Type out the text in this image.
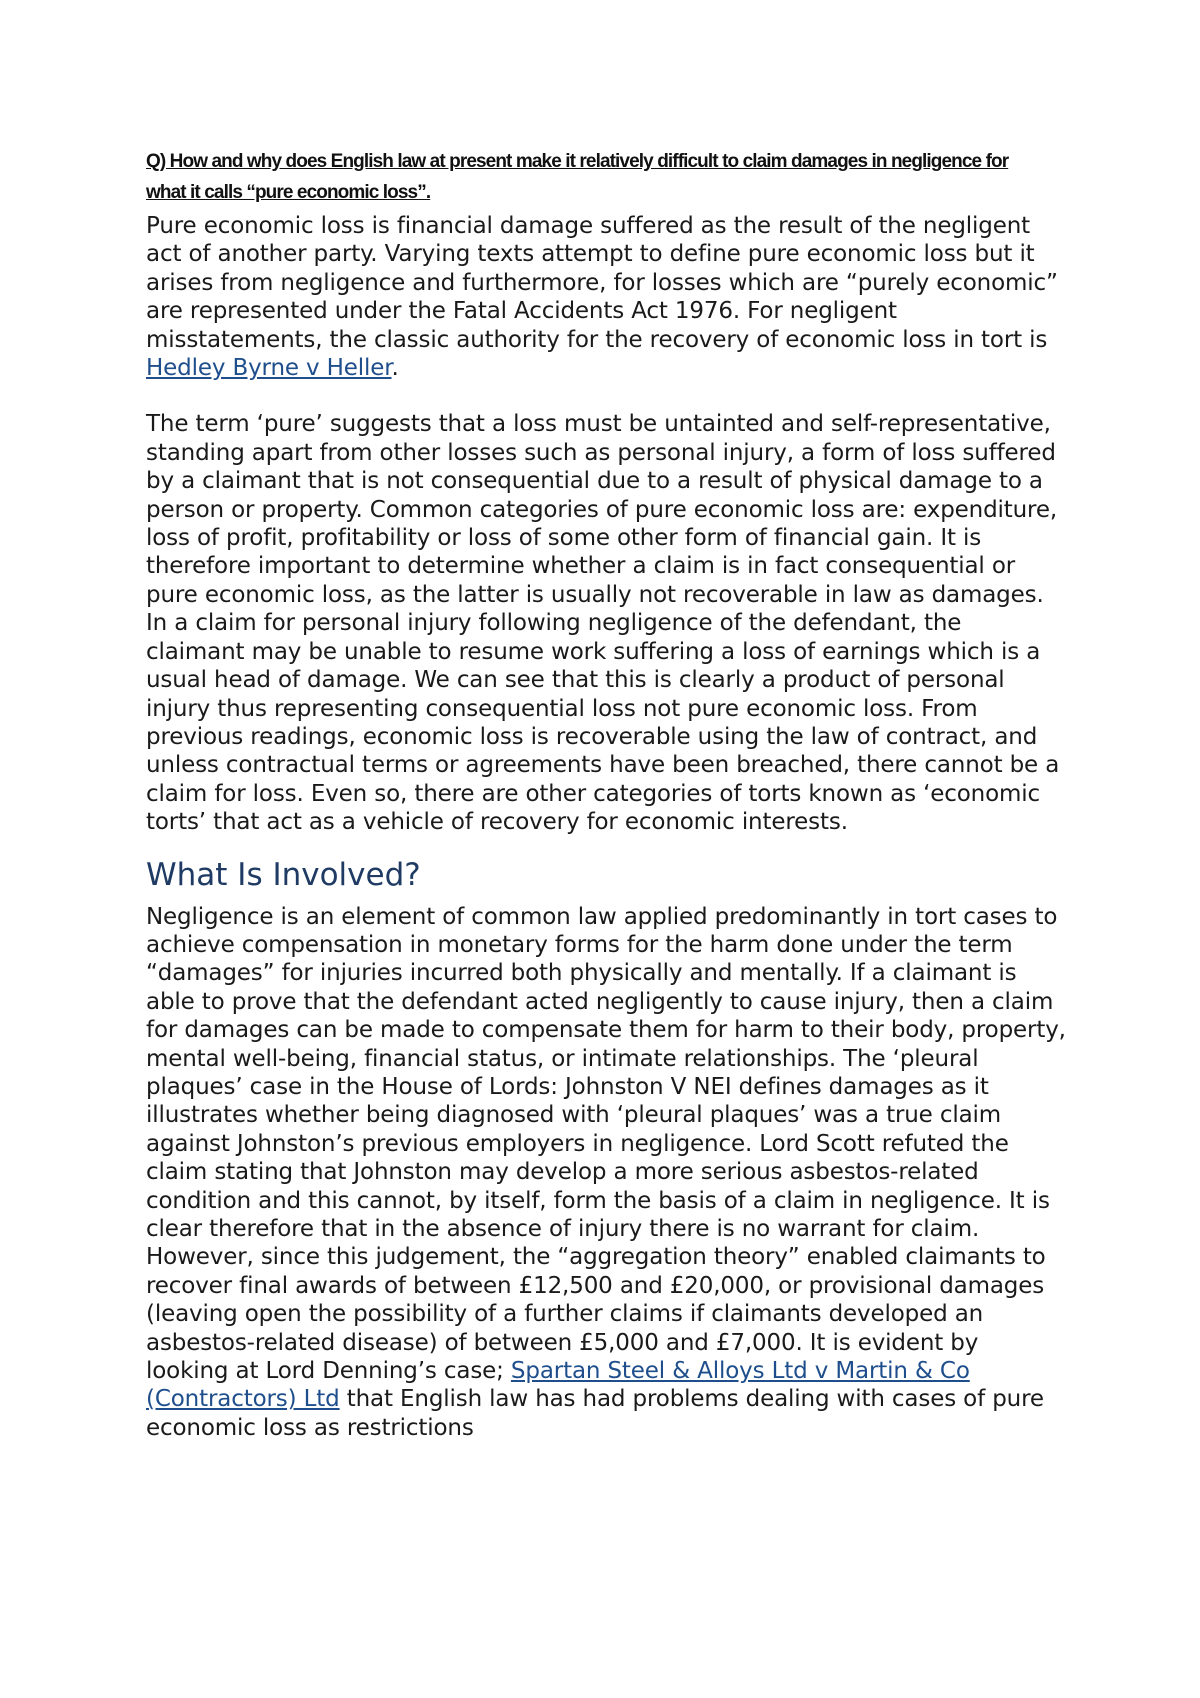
Q) How and why does English law at present make it relatively difficult to claim damages in negligence for what it calls “pure economic loss”.

Pure economic loss is financial damage suffered as the result of the negligent act of another party. Varying texts attempt to define pure economic loss but it arises from negligence and furthermore, for losses which are “purely economic” are represented under the Fatal Accidents Act 1976. For negligent misstatements, the classic authority for the recovery of economic loss in tort is Hedley Byrne v Heller.

The term ‘pure’ suggests that a loss must be untainted and self-representative, standing apart from other losses such as personal injury, a form of loss suffered by a claimant that is not consequential due to a result of physical damage to a person or property. Common categories of pure economic loss are: expenditure, loss of profit, profitability or loss of some other form of financial gain. It is therefore important to determine whether a claim is in fact consequential or pure economic loss, as the latter is usually not recoverable in law as damages. In a claim for personal injury following negligence of the defendant, the claimant may be unable to resume work suffering a loss of earnings which is a usual head of damage. We can see that this is clearly a product of personal injury thus representing consequential loss not pure economic loss. From previous readings, economic loss is recoverable using the law of contract, and unless contractual terms or agreements have been breached, there cannot be a claim for loss. Even so, there are other categories of torts known as ‘economic torts’ that act as a vehicle of recovery for economic interests.

What Is Involved?

Negligence is an element of common law applied predominantly in tort cases to achieve compensation in monetary forms for the harm done under the term “damages” for injuries incurred both physically and mentally. If a claimant is able to prove that the defendant acted negligently to cause injury, then a claim for damages can be made to compensate them for harm to their body, property, mental well-being, financial status, or intimate relationships. The ‘pleural plaques’ case in the House of Lords: Johnston V NEI defines damages as it illustrates whether being diagnosed with ‘pleural plaques’ was a true claim against Johnston’s previous employers in negligence. Lord Scott refuted the claim stating that Johnston may develop a more serious asbestos-related condition and this cannot, by itself, form the basis of a claim in negligence. It is clear therefore that in the absence of injury there is no warrant for claim. However, since this judgement, the “aggregation theory” enabled claimants to recover final awards of between £12,500 and £20,000, or provisional damages (leaving open the possibility of a further claims if claimants developed an asbestos-related disease) of between £5,000 and £7,000. It is evident by looking at Lord Denning’s case; Spartan Steel & Alloys Ltd v Martin & Co (Contractors) Ltd that English law has had problems dealing with cases of pure economic loss as restrictions
